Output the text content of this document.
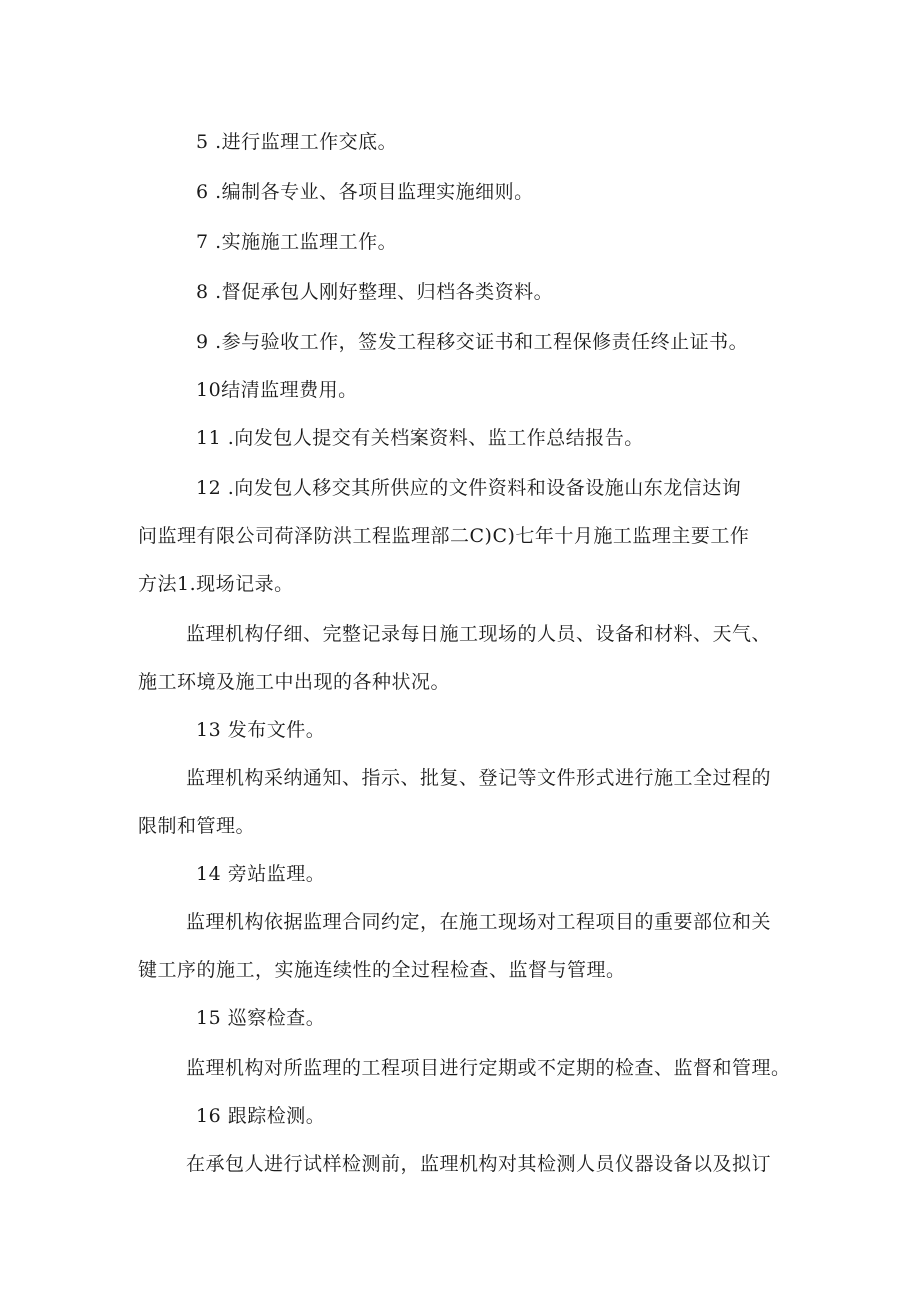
5 .进行监理工作交底。
6 .编制各专业、各项目监理实施细则。
7 .实施施工监理工作。
8 .督促承包人刚好整理、归档各类资料。
9 .参与验收工作，签发工程移交证书和工程保修责任终止证书。
10结清监理费用。
11 .向发包人提交有关档案资料、监工作总结报告。
12 .向发包人移交其所供应的文件资料和设备设施山东龙信达询
问监理有限公司荷泽防洪工程监理部二C)C)七年十月施工监理主要工作
方法1.现场记录。
监理机构仔细、完整记录每日施工现场的人员、设备和材料、天气、
施工环境及施工中出现的各种状况。
13 发布文件。
监理机构采纳通知、指示、批复、登记等文件形式进行施工全过程的
限制和管理。
14 旁站监理。
监理机构依据监理合同约定，在施工现场对工程项目的重要部位和关
键工序的施工，实施连续性的全过程检查、监督与管理。
15 巡察检查。
监理机构对所监理的工程项目进行定期或不定期的检查、监督和管理。
16 跟踪检测。
在承包人进行试样检测前，监理机构对其检测人员仪器设备以及拟订
